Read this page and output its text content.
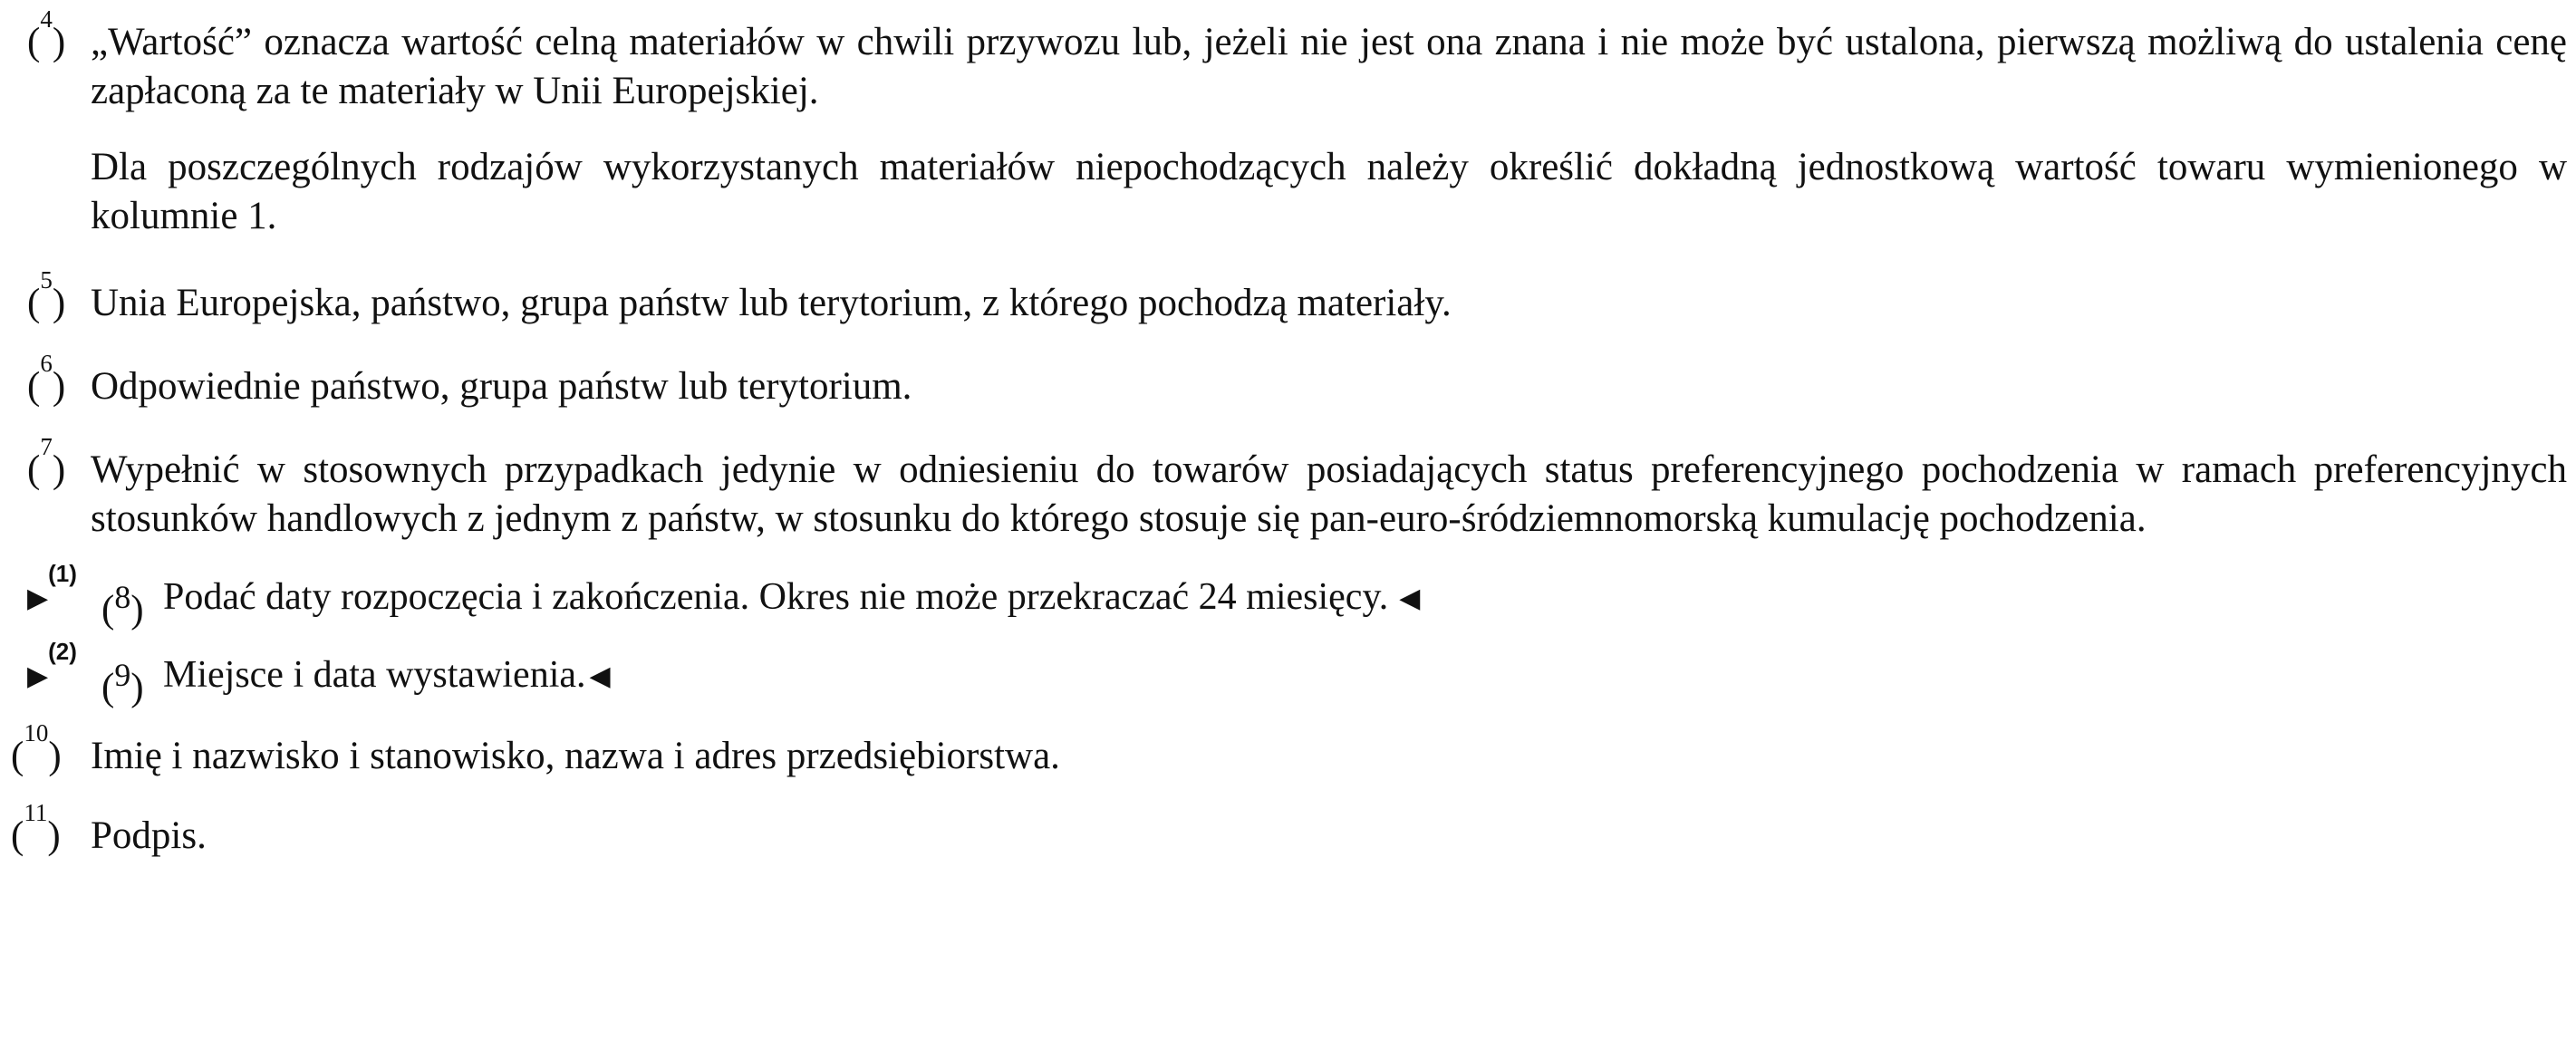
($^4$) „Wartość” oznacza wartość celną materiałów w chwili przywozu lub, jeżeli nie jest ona znana i nie może być ustalona, pierwszą możliwą do ustalenia cenę zapłaconą za te materiały w Unii Europejskiej.

Dla poszczególnych rodzajów wykorzystanych materiałów niepochodzących należy określić dokładną jednostkową wartość towaru wymienionego w kolumnie 1.

($^5$) Unia Europejska, państwo, grupa państw lub terytorium, z którego pochodzą materiały.
($^6$) Odpowiednie państwo, grupa państw lub terytorium.
($^7$) Wypełnić w stosownych przypadkach jedynie w odniesieniu do towarów posiadających status preferencyjnego pochodzenia w ramach preferencyjnych stosunków handlowych z jednym z państw, w stosunku do którego stosuje się pan-euro-śródziemnomorską kumulację pochodzenia.
▶$^{(1)}$
($^8$) Podać daty rozpoczęcia i zakończenia. Okres nie może przekraczać 24 miesięcy. ◀
▶$^{(2)}$
($^9$) Miejsce i data wystawienia. ◀
($^{10}$) Imię i nazwisko i stanowisko, nazwa i adres przedsiębiorstwa.
($^{11}$) Podpis.
